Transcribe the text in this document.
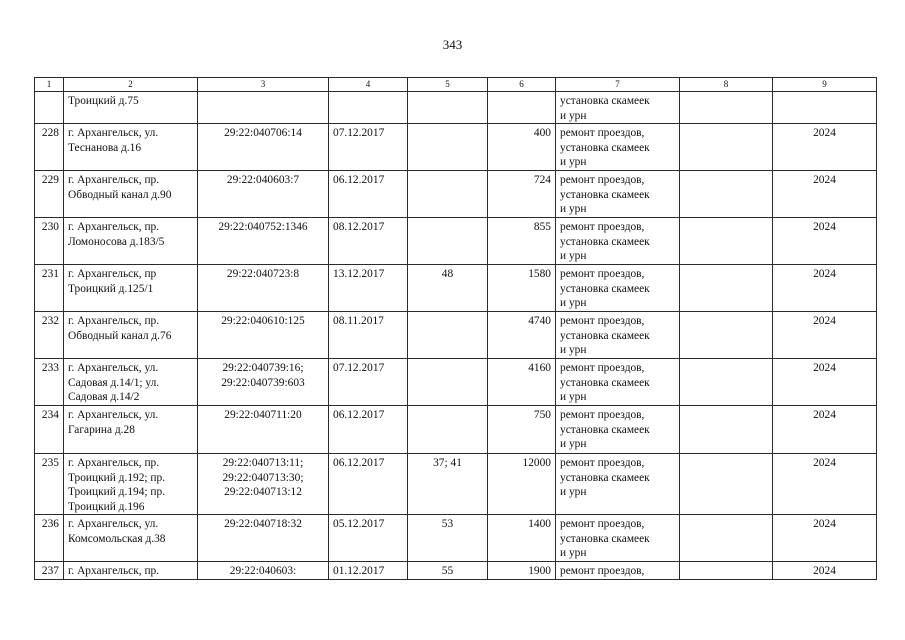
343
1	2	3	4	5	6	7	8	9

	Троицкий д.75					установка скамеек
и урн		

228	г. Архангельск, ул.
Теснанова д.16	29:22:040706:14	07.12.2017		400	ремонт проездов,
установка скамеек
и урн		2024

229	г. Архангельск, пр.
Обводный канал д.90	29:22:040603:7	06.12.2017		724	ремонт проездов,
установка скамеек
и урн		2024

230	г. Архангельск, пр.
Ломоносова д.183/5	29:22:040752:1346	08.12.2017		855	ремонт проездов,
установка скамеек
и урн		2024

231	г. Архангельск, пр
Троицкий д.125/1	29:22:040723:8	13.12.2017	48	1580	ремонт проездов,
установка скамеек
и урн		2024

232	г. Архангельск, пр.
Обводный канал д.76	29:22:040610:125	08.11.2017		4740	ремонт проездов,
установка скамеек
и урн		2024

233	г. Архангельск, ул.
Садовая д.14/1; ул.
Садовая д.14/2	29:22:040739:16;
29:22:040739:603	07.12.2017		4160	ремонт проездов,
установка скамеек
и урн		2024

234	г. Архангельск, ул.
Гагарина д.28	29:22:040711:20	06.12.2017		750	ремонт проездов,
установка скамеек
и урн		2024

235	г. Архангельск, пр.
Троицкий д.192; пр.
Троицкий д.194; пр.
Троицкий д.196	29:22:040713:11;
29:22:040713:30;
29:22:040713:12	06.12.2017	37; 41	12000	ремонт проездов,
установка скамеек
и урн		2024

236	г. Архангельск, ул.
Комсомольская д.38	29:22:040718:32	05.12.2017	53	1400	ремонт проездов,
установка скамеек
и урн		2024

237	г. Архангельск, пр.	29:22:040603:	01.12.2017	55	1900	ремонт проездов,		2024
